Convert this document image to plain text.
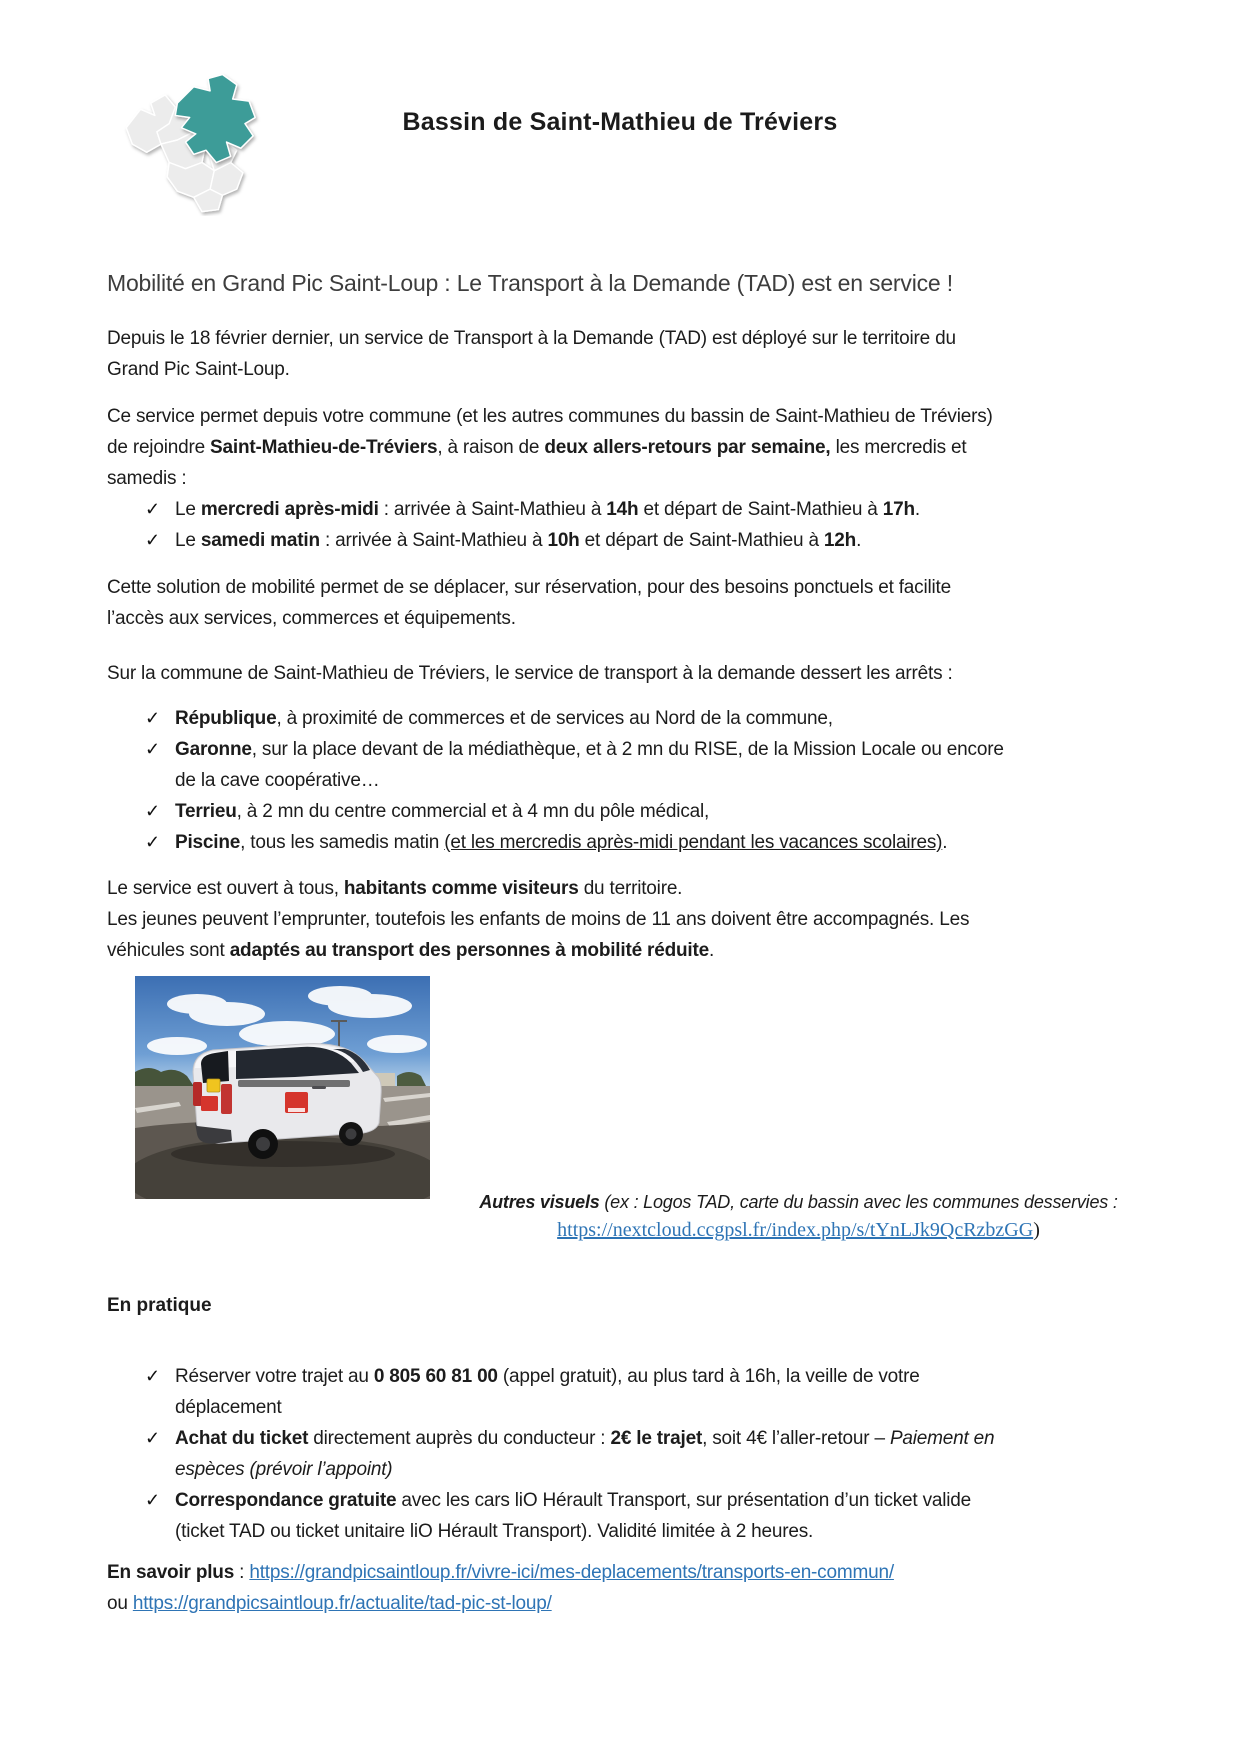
Bassin de Saint-Mathieu de Tréviers
Mobilité en Grand Pic Saint-Loup : Le Transport à la Demande (TAD) est en service !

Depuis le 18 février dernier, un service de Transport à la Demande (TAD) est déployé sur le territoire du
Grand Pic Saint-Loup.

Ce service permet depuis votre commune (et les autres communes du bassin de Saint-Mathieu de Tréviers)
de rejoindre Saint-Mathieu-de-Tréviers, à raison de deux allers-retours par semaine, les mercredis et
samedis :

✓ Le mercredi après-midi : arrivée à Saint-Mathieu à 14h et départ de Saint-Mathieu à 17h.
✓ Le samedi matin : arrivée à Saint-Mathieu à 10h et départ de Saint-Mathieu à 12h.

Cette solution de mobilité permet de se déplacer, sur réservation, pour des besoins ponctuels et facilite
l’accès aux services, commerces et équipements.

Sur la commune de Saint-Mathieu de Tréviers, le service de transport à la demande dessert les arrêts :

✓ République, à proximité de commerces et de services au Nord de la commune,
✓ Garonne, sur la place devant de la médiathèque, et à 2 mn du RISE, de la Mission Locale ou encore
de la cave coopérative…
✓ Terrieu, à 2 mn du centre commercial et à 4 mn du pôle médical,
✓ Piscine, tous les samedis matin (et les mercredis après-midi pendant les vacances scolaires).

Le service est ouvert à tous, habitants comme visiteurs du territoire.
Les jeunes peuvent l’emprunter, toutefois les enfants de moins de 11 ans doivent être accompagnés. Les
véhicules sont adaptés au transport des personnes à mobilité réduite.

Autres visuels (ex : Logos TAD, carte du bassin avec les communes desservies :
https://nextcloud.ccgpsl.fr/index.php/s/tYnLJk9QcRzbzGG)
En pratique
✓ Réserver votre trajet au 0 805 60 81 00 (appel gratuit), au plus tard à 16h, la veille de votre
déplacement
✓ Achat du ticket directement auprès du conducteur : 2€ le trajet, soit 4€ l’aller-retour – Paiement en
espèces (prévoir l’appoint)
✓ Correspondance gratuite avec les cars liO Hérault Transport, sur présentation d’un ticket valide
(ticket TAD ou ticket unitaire liO Hérault Transport). Validité limitée à 2 heures.

En savoir plus : https://grandpicsaintloup.fr/vivre-ici/mes-deplacements/transports-en-commun/
ou https://grandpicsaintloup.fr/actualite/tad-pic-st-loup/
